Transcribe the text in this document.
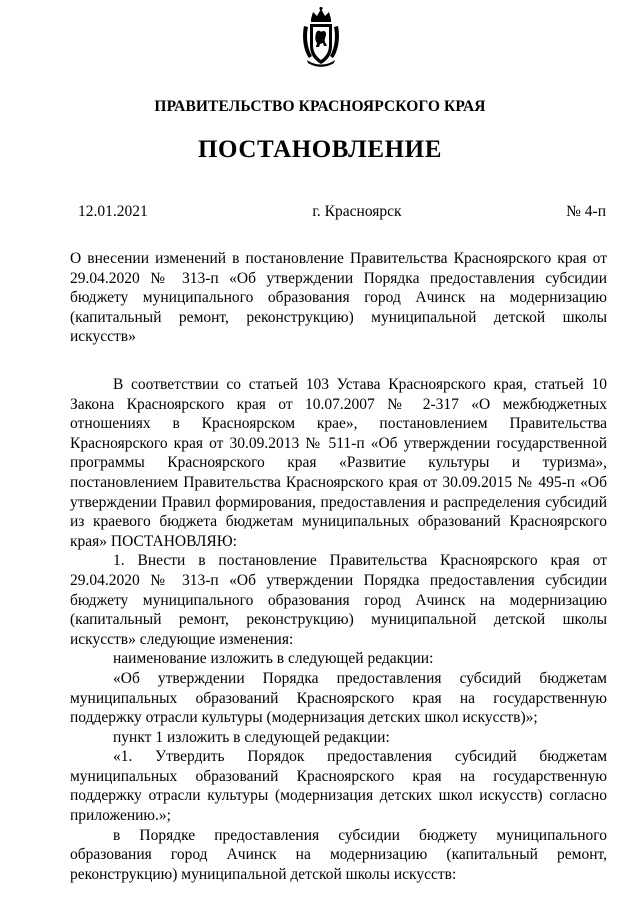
ПРАВИТЕЛЬСТВО КРАСНОЯРСКОГО КРАЯ
ПОСТАНОВЛЕНИЕ
12.01.2021	г. Красноярск	№ 4-п
О внесении изменений в постановление Правительства Красноярского края от 29.04.2020 № 313-п «Об утверждении Порядка предоставления субсидии бюджету муниципального образования город Ачинск на модернизацию (капитальный ремонт, реконструкцию) муниципальной детской школы искусств»

В соответствии со статьей 103 Устава Красноярского края, статьей 10 Закона Красноярского края от 10.07.2007 № 2-317 «О межбюджетных отношениях в Красноярском крае», постановлением Правительства Красноярского края от 30.09.2013 № 511-п «Об утверждении государственной программы Красноярского края «Развитие культуры и туризма», постановлением Правительства Красноярского края от 30.09.2015 № 495-п «Об утверждении Правил формирования, предоставления и распределения субсидий из краевого бюджета бюджетам муниципальных образований Красноярского края» ПОСТАНОВЛЯЮ:

1. Внести в постановление Правительства Красноярского края от 29.04.2020 № 313-п «Об утверждении Порядка предоставления субсидии бюджету муниципального образования город Ачинск на модернизацию (капитальный ремонт, реконструкцию) муниципальной детской школы искусств» следующие изменения:

наименование изложить в следующей редакции:

«Об утверждении Порядка предоставления субсидий бюджетам муниципальных образований Красноярского края на государственную поддержку отрасли культуры (модернизация детских школ искусств)»;

пункт 1 изложить в следующей редакции:

«1. Утвердить Порядок предоставления субсидий бюджетам муниципальных образований Красноярского края на государственную поддержку отрасли культуры (модернизация детских школ искусств) согласно приложению.»;

в Порядке предоставления субсидии бюджету муниципального образования город Ачинск на модернизацию (капитальный ремонт, реконструкцию) муниципальной детской школы искусств:
